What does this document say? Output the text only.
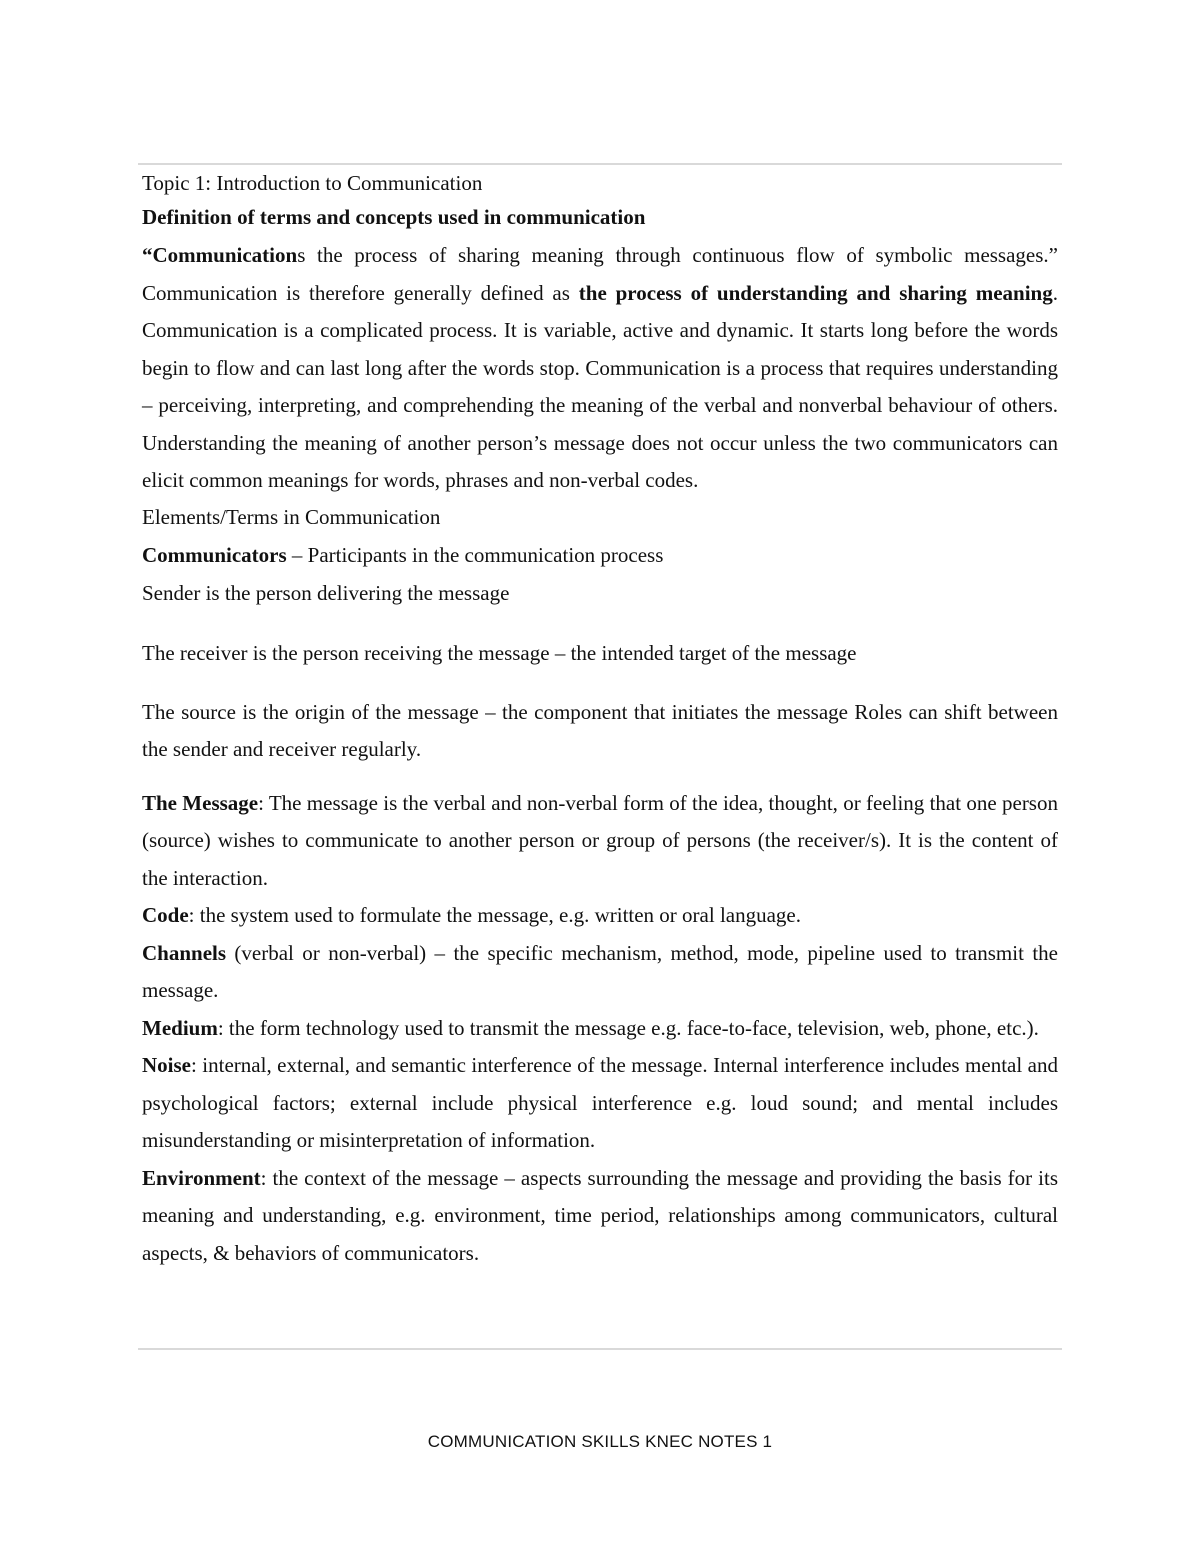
Topic 1: Introduction to Communication

Definition of terms and concepts used in communication

“Communications the process of sharing meaning through continuous flow of symbolic messages.” Communication is therefore generally defined as the process of understanding and sharing meaning. Communication is a complicated process. It is variable, active and dynamic. It starts long before the words begin to flow and can last long after the words stop. Communication is a process that requires understanding – perceiving, interpreting, and comprehending the meaning of the verbal and nonverbal behaviour of others. Understanding the meaning of another person’s message does not occur unless the two communicators can elicit common meanings for words, phrases and non-verbal codes.

Elements/Terms in Communication

Communicators – Participants in the communication process

Sender is the person delivering the message

The receiver is the person receiving the message – the intended target of the message

The source is the origin of the message – the component that initiates the message Roles can shift between the sender and receiver regularly.

The Message: The message is the verbal and non-verbal form of the idea, thought, or feeling that one person (source) wishes to communicate to another person or group of persons (the receiver/s). It is the content of the interaction.

Code: the system used to formulate the message, e.g. written or oral language.

Channels (verbal or non-verbal) – the specific mechanism, method, mode, pipeline used to transmit the message.

Medium: the form technology used to transmit the message e.g. face-to-face, television, web, phone, etc.).

Noise: internal, external, and semantic interference of the message. Internal interference includes mental and psychological factors; external include physical interference e.g. loud sound; and mental includes misunderstanding or misinterpretation of information.

Environment: the context of the message – aspects surrounding the message and providing the basis for its meaning and understanding, e.g. environment, time period, relationships among communicators, cultural aspects, & behaviors of communicators.

COMMUNICATION SKILLS KNEC NOTES 1
